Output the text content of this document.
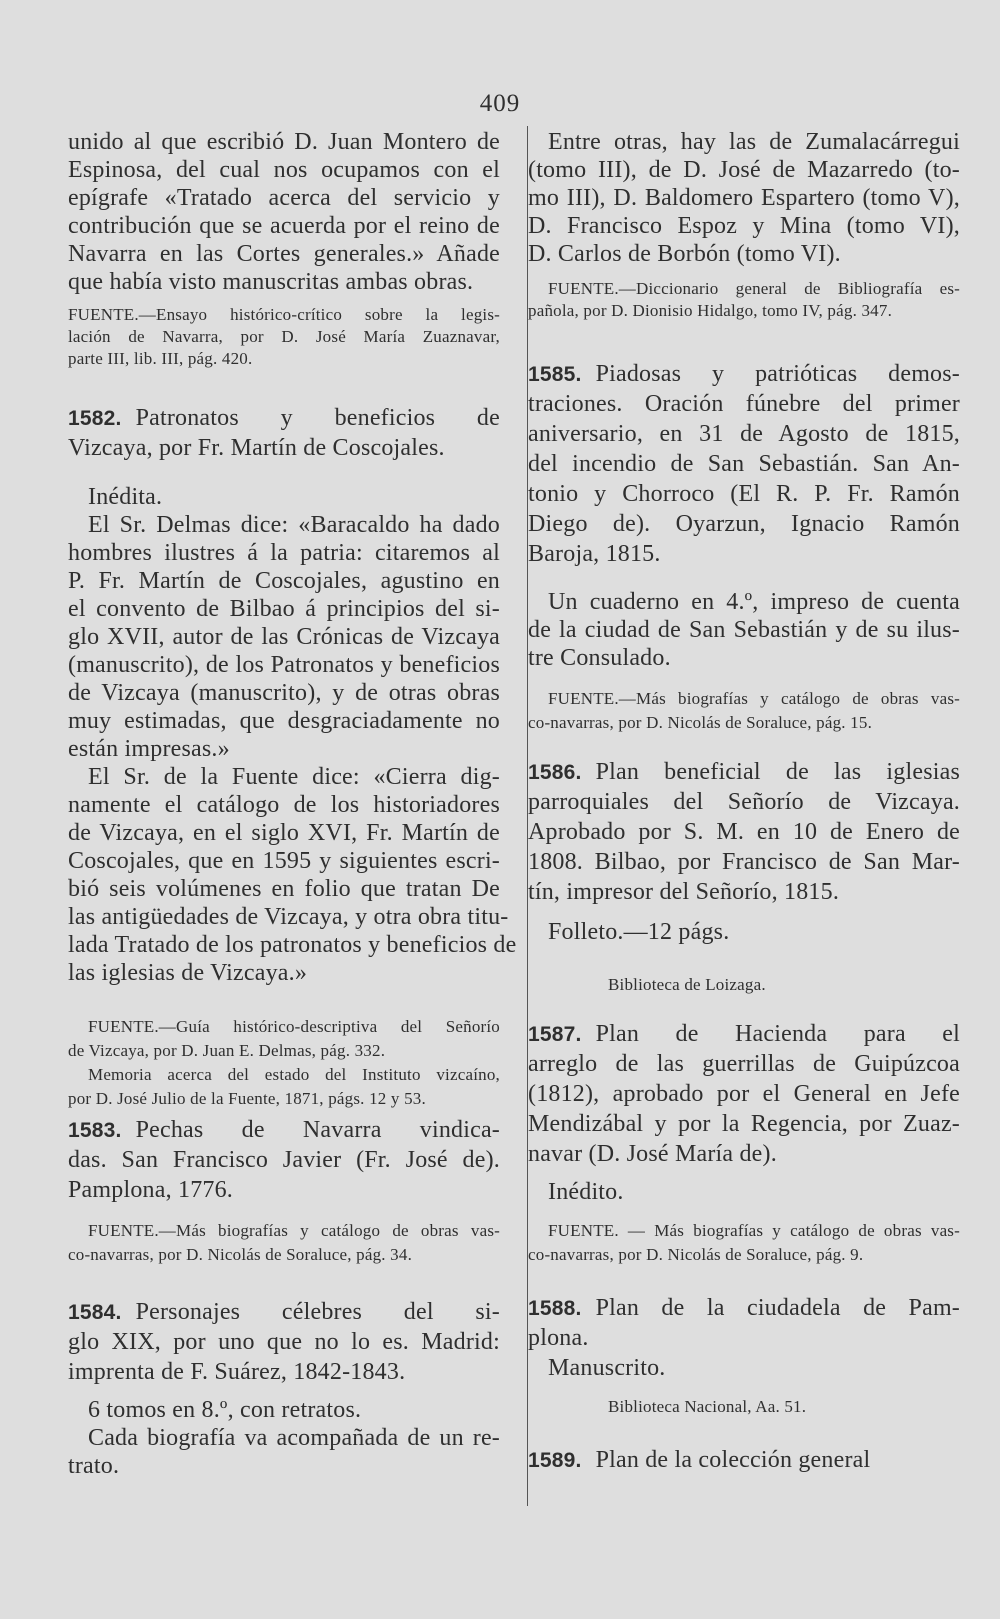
409
unido al que escribió D. Juan Montero de
Espinosa, del cual nos ocupamos con el
epígrafe «Tratado acerca del servicio y
contribución que se acuerda por el reino de
Navarra en las Cortes generales.» Añade
que había visto manuscritas ambas obras.
FUENTE.—Ensayo histórico-crítico sobre la legis-
lación de Navarra, por D. José María Zuaznavar,
parte III, lib. III, pág. 420.
1582. Patronatos y beneficios de
Vizcaya, por Fr. Martín de Coscojales.
Inédita.
El Sr. Delmas dice: «Baracaldo ha dado
hombres ilustres á la patria: citaremos al
P. Fr. Martín de Coscojales, agustino en
el convento de Bilbao á principios del si-
glo XVII, autor de las Crónicas de Vizcaya
(manuscrito), de los Patronatos y beneficios
de Vizcaya (manuscrito), y de otras obras
muy estimadas, que desgraciadamente no
están impresas.»
El Sr. de la Fuente dice: «Cierra dig-
namente el catálogo de los historiadores
de Vizcaya, en el siglo XVI, Fr. Martín de
Coscojales, que en 1595 y siguientes escri-
bió seis volúmenes en folio que tratan De
las antigüedades de Vizcaya, y otra obra titu-
lada Tratado de los patronatos y beneficios de
las iglesias de Vizcaya.»
FUENTE.—Guía histórico-descriptiva del Señorío
de Vizcaya, por D. Juan E. Delmas, pág. 332.
Memoria acerca del estado del Instituto vizcaíno,
por D. José Julio de la Fuente, 1871, págs. 12 y 53.
1583. Pechas de Navarra vindica-
das. San Francisco Javier (Fr. José de).
Pamplona, 1776.
FUENTE.—Más biografías y catálogo de obras vas-
co-navarras, por D. Nicolás de Soraluce, pág. 34.
1584. Personajes célebres del si-
glo XIX, por uno que no lo es. Madrid:
imprenta de F. Suárez, 1842-1843.
6 tomos en 8.º, con retratos.
Cada biografía va acompañada de un re-
trato.
Entre otras, hay las de Zumalacárregui
(tomo III), de D. José de Mazarredo (to-
mo III), D. Baldomero Espartero (tomo V),
D. Francisco Espoz y Mina (tomo VI),
D. Carlos de Borbón (tomo VI).
FUENTE.—Diccionario general de Bibliografía es-
pañola, por D. Dionisio Hidalgo, tomo IV, pág. 347.
1585. Piadosas y patrióticas demos-
traciones. Oración fúnebre del primer
aniversario, en 31 de Agosto de 1815,
del incendio de San Sebastián. San An-
tonio y Chorroco (El R. P. Fr. Ramón
Diego de). Oyarzun, Ignacio Ramón
Baroja, 1815.
Un cuaderno en 4.º, impreso de cuenta
de la ciudad de San Sebastián y de su ilus-
tre Consulado.
FUENTE.—Más biografías y catálogo de obras vas-
co-navarras, por D. Nicolás de Soraluce, pág. 15.
1586. Plan beneficial de las iglesias
parroquiales del Señorío de Vizcaya.
Aprobado por S. M. en 10 de Enero de
1808. Bilbao, por Francisco de San Mar-
tín, impresor del Señorío, 1815.
Folleto.—12 págs.
Biblioteca de Loizaga.
1587. Plan de Hacienda para el
arreglo de las guerrillas de Guipúzcoa
(1812), aprobado por el General en Jefe
Mendizábal y por la Regencia, por Zuaz-
navar (D. José María de).
Inédito.
FUENTE. — Más biografías y catálogo de obras vas-
co-navarras, por D. Nicolás de Soraluce, pág. 9.
1588. Plan de la ciudadela de Pam-
plona.
Manuscrito.
Biblioteca Nacional, Aa. 51.
1589. Plan de la colección general
